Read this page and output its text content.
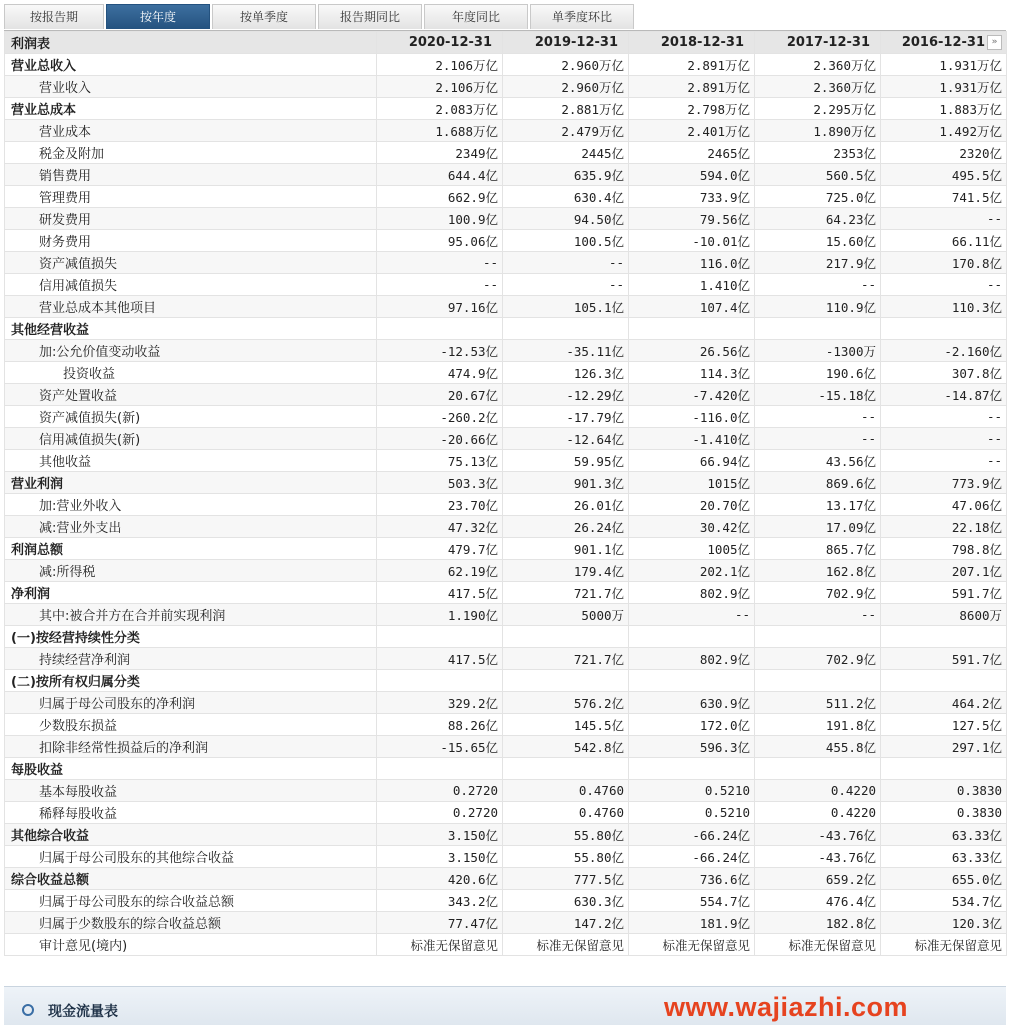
按报告期	按年度	按单季度	报告期同比	年度同比	单季度环比
利润表	2020-12-31	2019-12-31	2018-12-31	2017-12-31	2016-12-31 »
营业总收入	2.106万亿	2.960万亿	2.891万亿	2.360万亿	1.931万亿
营业收入	2.106万亿	2.960万亿	2.891万亿	2.360万亿	1.931万亿
营业总成本	2.083万亿	2.881万亿	2.798万亿	2.295万亿	1.883万亿
营业成本	1.688万亿	2.479万亿	2.401万亿	1.890万亿	1.492万亿
税金及附加	2349亿	2445亿	2465亿	2353亿	2320亿
销售费用	644.4亿	635.9亿	594.0亿	560.5亿	495.5亿
管理费用	662.9亿	630.4亿	733.9亿	725.0亿	741.5亿
研发费用	100.9亿	94.50亿	79.56亿	64.23亿	--
财务费用	95.06亿	100.5亿	-10.01亿	15.60亿	66.11亿
资产减值损失	--	--	116.0亿	217.9亿	170.8亿
信用减值损失	--	--	1.410亿	--	--
营业总成本其他项目	97.16亿	105.1亿	107.4亿	110.9亿	110.3亿
其他经营收益					
加:公允价值变动收益	-12.53亿	-35.11亿	26.56亿	-1300万	-2.160亿
投资收益	474.9亿	126.3亿	114.3亿	190.6亿	307.8亿
资产处置收益	20.67亿	-12.29亿	-7.420亿	-15.18亿	-14.87亿
资产减值损失(新)	-260.2亿	-17.79亿	-116.0亿	--	--
信用减值损失(新)	-20.66亿	-12.64亿	-1.410亿	--	--
其他收益	75.13亿	59.95亿	66.94亿	43.56亿	--
营业利润	503.3亿	901.3亿	1015亿	869.6亿	773.9亿
加:营业外收入	23.70亿	26.01亿	20.70亿	13.17亿	47.06亿
减:营业外支出	47.32亿	26.24亿	30.42亿	17.09亿	22.18亿
利润总额	479.7亿	901.1亿	1005亿	865.7亿	798.8亿
减:所得税	62.19亿	179.4亿	202.1亿	162.8亿	207.1亿
净利润	417.5亿	721.7亿	802.9亿	702.9亿	591.7亿
其中:被合并方在合并前实现利润	1.190亿	5000万	--	--	8600万
(一)按经营持续性分类					
持续经营净利润	417.5亿	721.7亿	802.9亿	702.9亿	591.7亿
(二)按所有权归属分类					
归属于母公司股东的净利润	329.2亿	576.2亿	630.9亿	511.2亿	464.2亿
少数股东损益	88.26亿	145.5亿	172.0亿	191.8亿	127.5亿
扣除非经常性损益后的净利润	-15.65亿	542.8亿	596.3亿	455.8亿	297.1亿
每股收益					
基本每股收益	0.2720	0.4760	0.5210	0.4220	0.3830
稀释每股收益	0.2720	0.4760	0.5210	0.4220	0.3830
其他综合收益	3.150亿	55.80亿	-66.24亿	-43.76亿	63.33亿
归属于母公司股东的其他综合收益	3.150亿	55.80亿	-66.24亿	-43.76亿	63.33亿
综合收益总额	420.6亿	777.5亿	736.6亿	659.2亿	655.0亿
归属于母公司股东的综合收益总额	343.2亿	630.3亿	554.7亿	476.4亿	534.7亿
归属于少数股东的综合收益总额	77.47亿	147.2亿	181.9亿	182.8亿	120.3亿
审计意见(境内)	标准无保留意见	标准无保留意见	标准无保留意见	标准无保留意见	标准无保留意见
现金流量表	www.wajiazhi.com
